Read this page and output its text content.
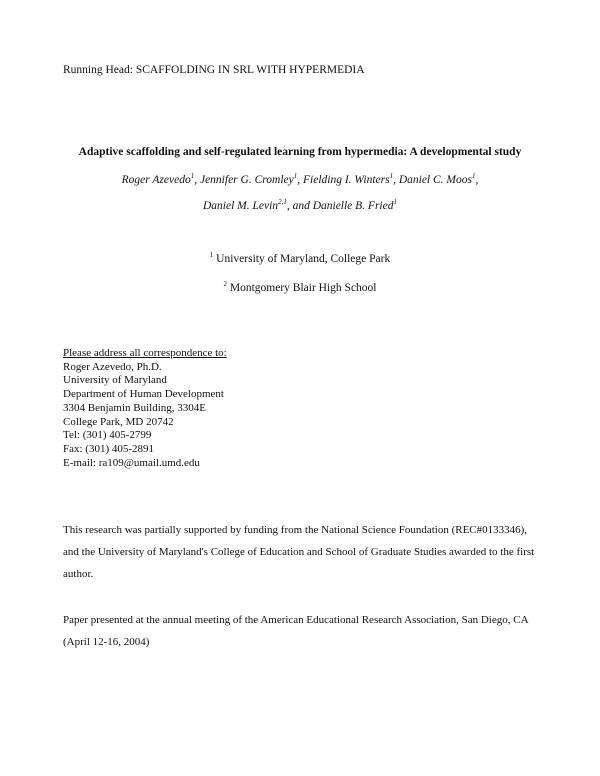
Running Head: SCAFFOLDING IN SRL WITH HYPERMEDIA
Adaptive scaffolding and self-regulated learning from hypermedia: A developmental study
Roger Azevedo$^1$, Jennifer G. Cromley$^1$, Fielding I. Winters$^1$, Daniel C. Moos$^1$,
Daniel M. Levin$^{2,1}$, and Danielle B. Fried$^1$
$^1$ University of Maryland, College Park
$^2$ Montgomery Blair High School
Please address all correspondence to:
Roger Azevedo, Ph.D.
University of Maryland
Department of Human Development
3304 Benjamin Building, 3304E
College Park, MD 20742
Tel: (301) 405-2799
Fax: (301) 405-2891
E-mail: ra109@umail.umd.edu
This research was partially supported by funding from the National Science Foundation (REC#0133346), and the University of Maryland's College of Education and School of Graduate Studies awarded to the first author.
Paper presented at the annual meeting of the American Educational Research Association, San Diego, CA (April 12-16, 2004)
